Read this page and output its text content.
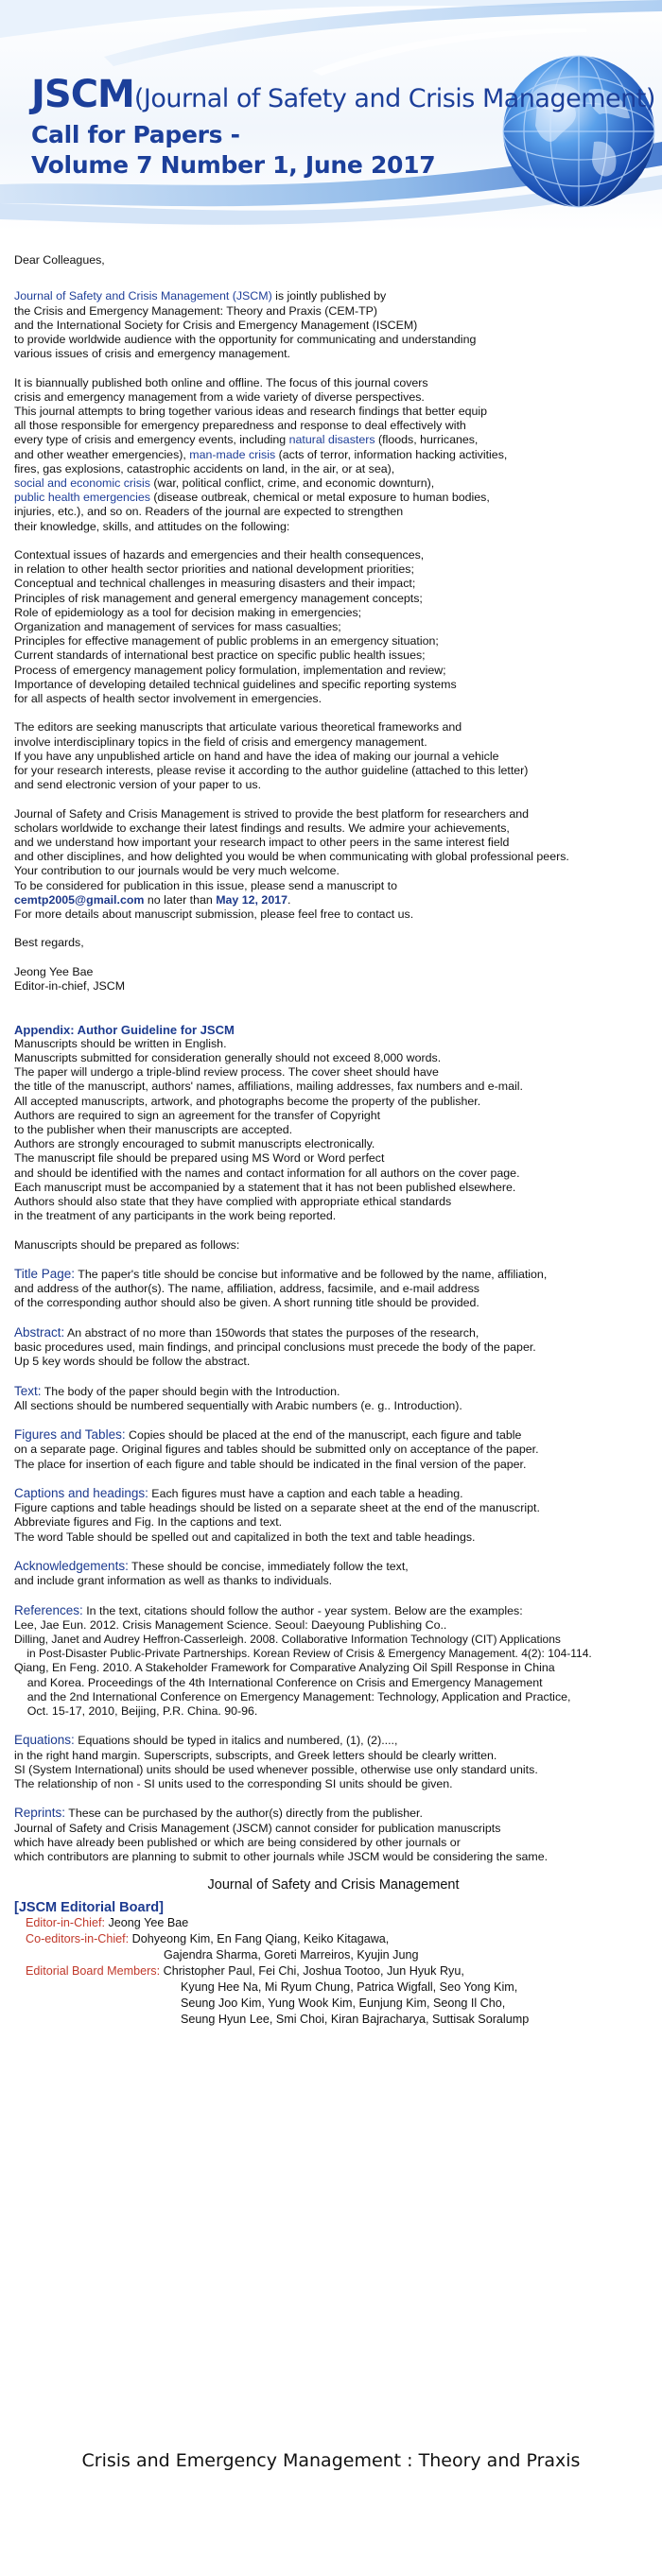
JSCM(Journal of Safety and Crisis Management)
Call for Papers -
Volume 7 Number 1, June 2017
Dear Colleagues,
Journal of Safety and Crisis Management (JSCM) is jointly published by
the Crisis and Emergency Management: Theory and Praxis (CEM-TP)
and the International Society for Crisis and Emergency Management (ISCEM)
to provide worldwide audience with the opportunity for communicating and understanding
various issues of crisis and emergency management.
It is biannually published both online and offline. The focus of this journal covers
crisis and emergency management from a wide variety of diverse perspectives.
This journal attempts to bring together various ideas and research findings that better equip
all those responsible for emergency preparedness and response to deal effectively with
every type of crisis and emergency events, including natural disasters (floods, hurricanes,
and other weather emergencies), man-made crisis (acts of terror, information hacking activities,
fires, gas explosions, catastrophic accidents on land, in the air, or at sea),
social and economic crisis (war, political conflict, crime, and economic downturn),
public health emergencies (disease outbreak, chemical or metal exposure to human bodies,
injuries, etc.), and so on. Readers of the journal are expected to strengthen
their knowledge, skills, and attitudes on the following:
Contextual issues of hazards and emergencies and their health consequences,
in relation to other health sector priorities and national development priorities;
Conceptual and technical challenges in measuring disasters and their impact;
Principles of risk management and general emergency management concepts;
Role of epidemiology as a tool for decision making in emergencies;
Organization and management of services for mass casualties;
Principles for effective management of public problems in an emergency situation;
Current standards of international best practice on specific public health issues;
Process of emergency management policy formulation, implementation and review;
Importance of developing detailed technical guidelines and specific reporting systems
for all aspects of health sector involvement in emergencies.
The editors are seeking manuscripts that articulate various theoretical frameworks and
involve interdisciplinary topics in the field of crisis and emergency management.
If you have any unpublished article on hand and have the idea of making our journal a vehicle
for your research interests, please revise it according to the author guideline (attached to this letter)
and send electronic version of your paper to us.
Journal of Safety and Crisis Management is strived to provide the best platform for researchers and
scholars worldwide to exchange their latest findings and results. We admire your achievements,
and we understand how important your research impact to other peers in the same interest field
and other disciplines, and how delighted you would be when communicating with global professional peers.
Your contribution to our journals would be very much welcome.
To be considered for publication in this issue, please send a manuscript to
cemtp2005@gmail.com no later than May 12, 2017.
For more details about manuscript submission, please feel free to contact us.
Best regards,
Jeong Yee Bae
Editor-in-chief, JSCM
Appendix: Author Guideline for JSCM
Manuscripts should be written in English.
Manuscripts submitted for consideration generally should not exceed 8,000 words.
The paper will undergo a triple-blind review process. The cover sheet should have
the title of the manuscript, authors' names, affiliations, mailing addresses, fax numbers and e-mail.
All accepted manuscripts, artwork, and photographs become the property of the publisher.
Authors are required to sign an agreement for the transfer of Copyright
to the publisher when their manuscripts are accepted.
Authors are strongly encouraged to submit manuscripts electronically.
The manuscript file should be prepared using MS Word or Word perfect
and should be identified with the names and contact information for all authors on the cover page.
Each manuscript must be accompanied by a statement that it has not been published elsewhere.
Authors should also state that they have complied with appropriate ethical standards
in the treatment of any participants in the work being reported.
Manuscripts should be prepared as follows:
Title Page: The paper's title should be concise but informative and be followed by the name, affiliation,
and address of the author(s). The name, affiliation, address, facsimile, and e-mail address
of the corresponding author should also be given. A short running title should be provided.
Abstract: An abstract of no more than 150words that states the purposes of the research,
basic procedures used, main findings, and principal conclusions must precede the body of the paper.
Up 5 key words should be follow the abstract.
Text: The body of the paper should begin with the Introduction.
All sections should be numbered sequentially with Arabic numbers (e. g.. Introduction).
Figures and Tables: Copies should be placed at the end of the manuscript, each figure and table
on a separate page. Original figures and tables should be submitted only on acceptance of the paper.
The place for insertion of each figure and table should be indicated in the final version of the paper.
Captions and headings: Each figures must have a caption and each table a heading.
Figure captions and table headings should be listed on a separate sheet at the end of the manuscript.
Abbreviate figures and Fig. In the captions and text.
The word Table should be spelled out and capitalized in both the text and table headings.
Acknowledgements: These should be concise, immediately follow the text,
and include grant information as well as thanks to individuals.
References: In the text, citations should follow the author - year system. Below are the examples:
Lee, Jae Eun. 2012. Crisis Management Science. Seoul: Daeyoung Publishing Co..
Dilling, Janet and Audrey Heffron-Casserleigh. 2008. Collaborative Information Technology (CIT) Applications
in Post-Disaster Public-Private Partnerships. Korean Review of Crisis & Emergency Management. 4(2): 104-114.
Qiang, En Feng. 2010. A Stakeholder Framework for Comparative Analyzing Oil Spill Response in China
and Korea. Proceedings of the 4th International Conference on Crisis and Emergency Management
and the 2nd International Conference on Emergency Management: Technology, Application and Practice,
Oct. 15-17, 2010, Beijing, P.R. China. 90-96.
Equations: Equations should be typed in italics and numbered, (1), (2)....,
in the right hand margin. Superscripts, subscripts, and Greek letters should be clearly written.
SI (System International) units should be used whenever possible, otherwise use only standard units.
The relationship of non - SI units used to the corresponding SI units should be given.
Reprints: These can be purchased by the author(s) directly from the publisher.
Journal of Safety and Crisis Management (JSCM) cannot consider for publication manuscripts
which have already been published or which are being considered by other journals or
which contributors are planning to submit to other journals while JSCM would be considering the same.
Journal of Safety and Crisis Management
[JSCM Editorial Board]
Editor-in-Chief: Jeong Yee Bae
Co-editors-in-Chief: Dohyeong Kim, En Fang Qiang, Keiko Kitagawa,
Gajendra Sharma, Goreti Marreiros, Kyujin Jung
Editorial Board Members: Christopher Paul, Fei Chi, Joshua Tootoo, Jun Hyuk Ryu,
Kyung Hee Na, Mi Ryum Chung, Patrica Wigfall, Seo Yong Kim,
Seung Joo Kim, Yung Wook Kim, Eunjung Kim, Seong Il Cho,
Seung Hyun Lee, Smi Choi, Kiran Bajracharya, Suttisak Soralump
Crisis and Emergency Management : Theory and Praxis
